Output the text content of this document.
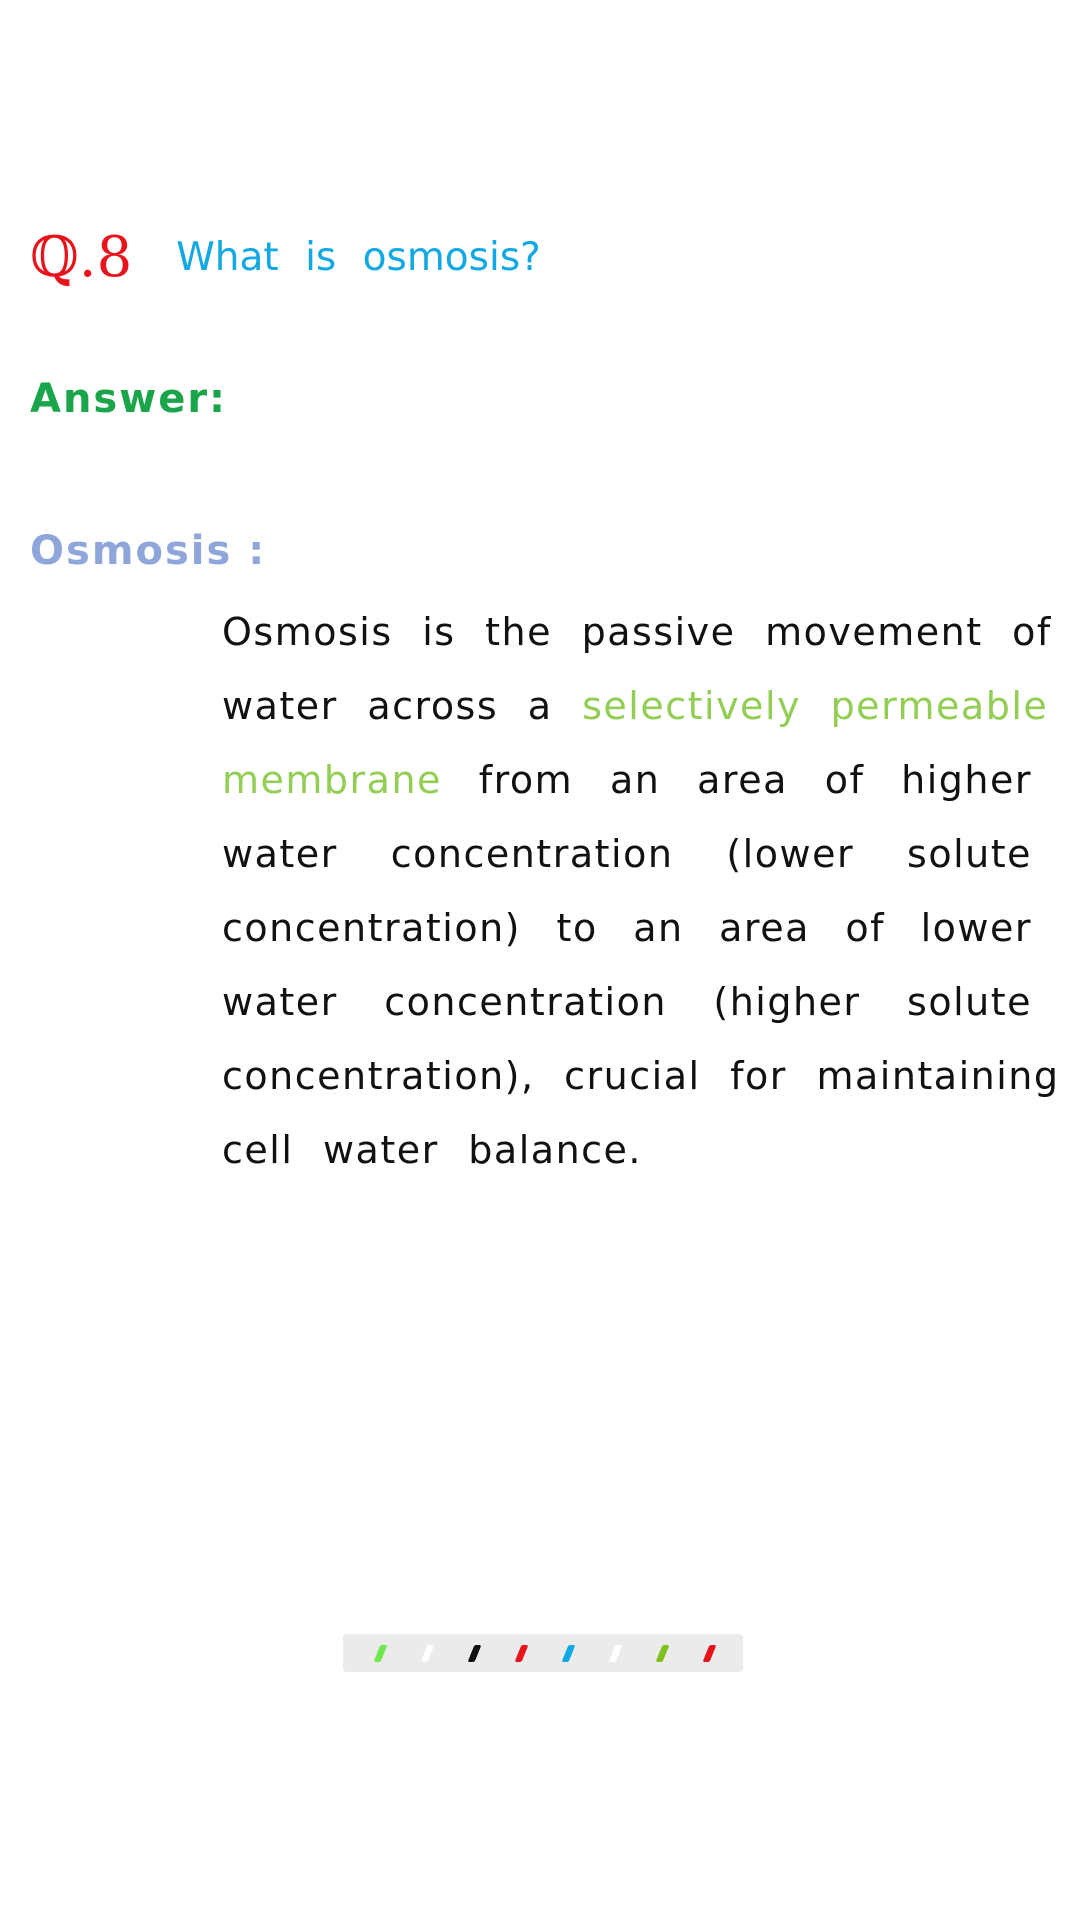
ℚ.8 What is osmosis?
Answer:
Osmosis :
Osmosis is the passive movement of
water across a selectively permeable
membrane from an area of higher
water concentration (lower solute
concentration) to an area of lower
water concentration (higher solute
concentration), crucial for maintaining
cell water balance.
